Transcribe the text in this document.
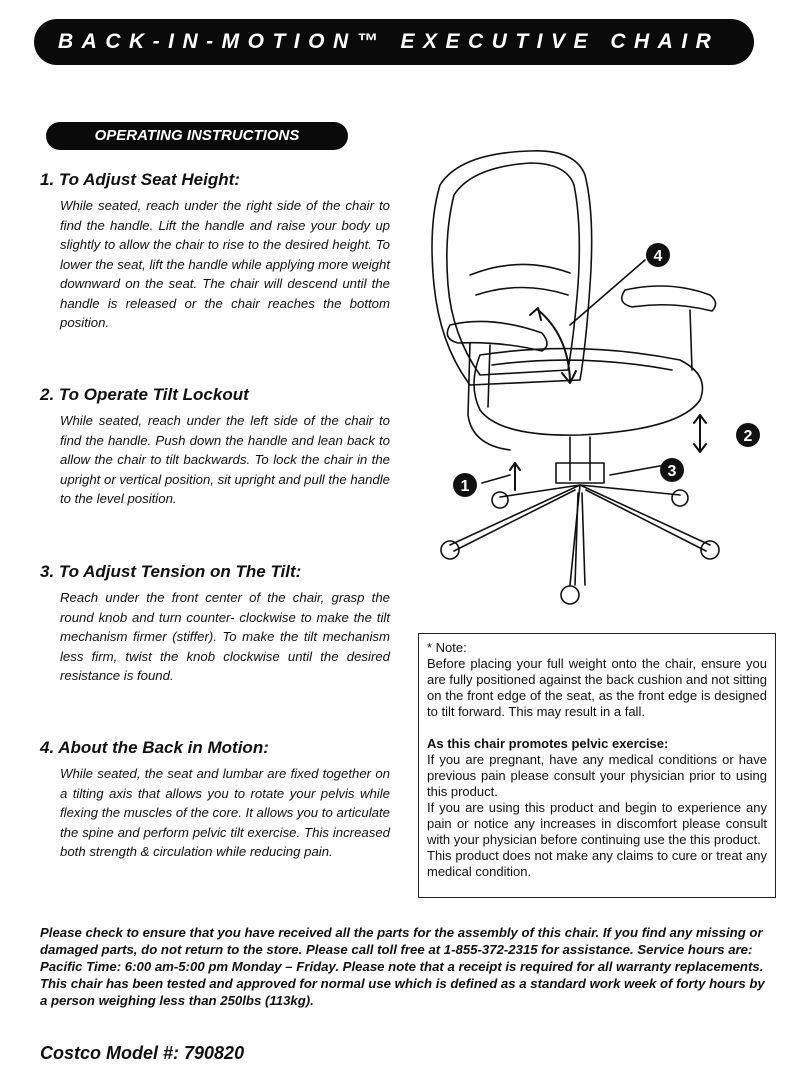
BACK-IN-MOTION™ EXECUTIVE CHAIR
OPERATING INSTRUCTIONS
1. To Adjust Seat Height:

While seated, reach under the right side of the chair to find the handle. Lift the handle and raise your body up slightly to allow the chair to rise to the desired height. To lower the seat, lift the handle while applying more weight downward on the seat. The chair will descend until the handle is released or the chair reaches the bottom position.

2. To Operate Tilt Lockout

While seated, reach under the left side of the chair to find the handle. Push down the handle and lean back to allow the chair to tilt backwards. To lock the chair in the upright or vertical position, sit upright and pull the handle to the level position.

3. To Adjust Tension on The Tilt:

Reach under the front center of the chair, grasp the round knob and turn counter- clockwise to make the tilt mechanism firmer (stiffer). To make the tilt mechanism less firm, twist the knob clockwise until the desired resistance is found.

4. About the Back in Motion:

While seated, the seat and lumbar are fixed together on a tilting axis that allows you to rotate your pelvis while flexing the muscles of the core. It allows you to articulate the spine and perform pelvic tilt exercise. This increased both strength & circulation while reducing pain.

4
2
3
1

* Note:

Before placing your full weight onto the chair, ensure you are fully positioned against the back cushion and not sitting on the front edge of the seat, as the front edge is designed to tilt forward. This may result in a fall.

As this chair promotes pelvic exercise:

If you are pregnant, have any medical conditions or have previous pain please consult your physician prior to using this product.

If you are using this product and begin to experience any pain or notice any increases in discomfort please consult with your physician before continuing use the this product.

This product does not make any claims to cure or treat any medical condition.

Please check to ensure that you have received all the parts for the assembly of this chair. If you find any missing or damaged parts, do not return to the store. Please call toll free at 1-855-372-2315 for assistance. Service hours are: Pacific Time: 6:00 am-5:00 pm Monday – Friday. Please note that a receipt is required for all warranty replacements. This chair has been tested and approved for normal use which is defined as a standard work week of forty hours by a person weighing less than 250lbs (113kg).
Costco Model #: 790820
